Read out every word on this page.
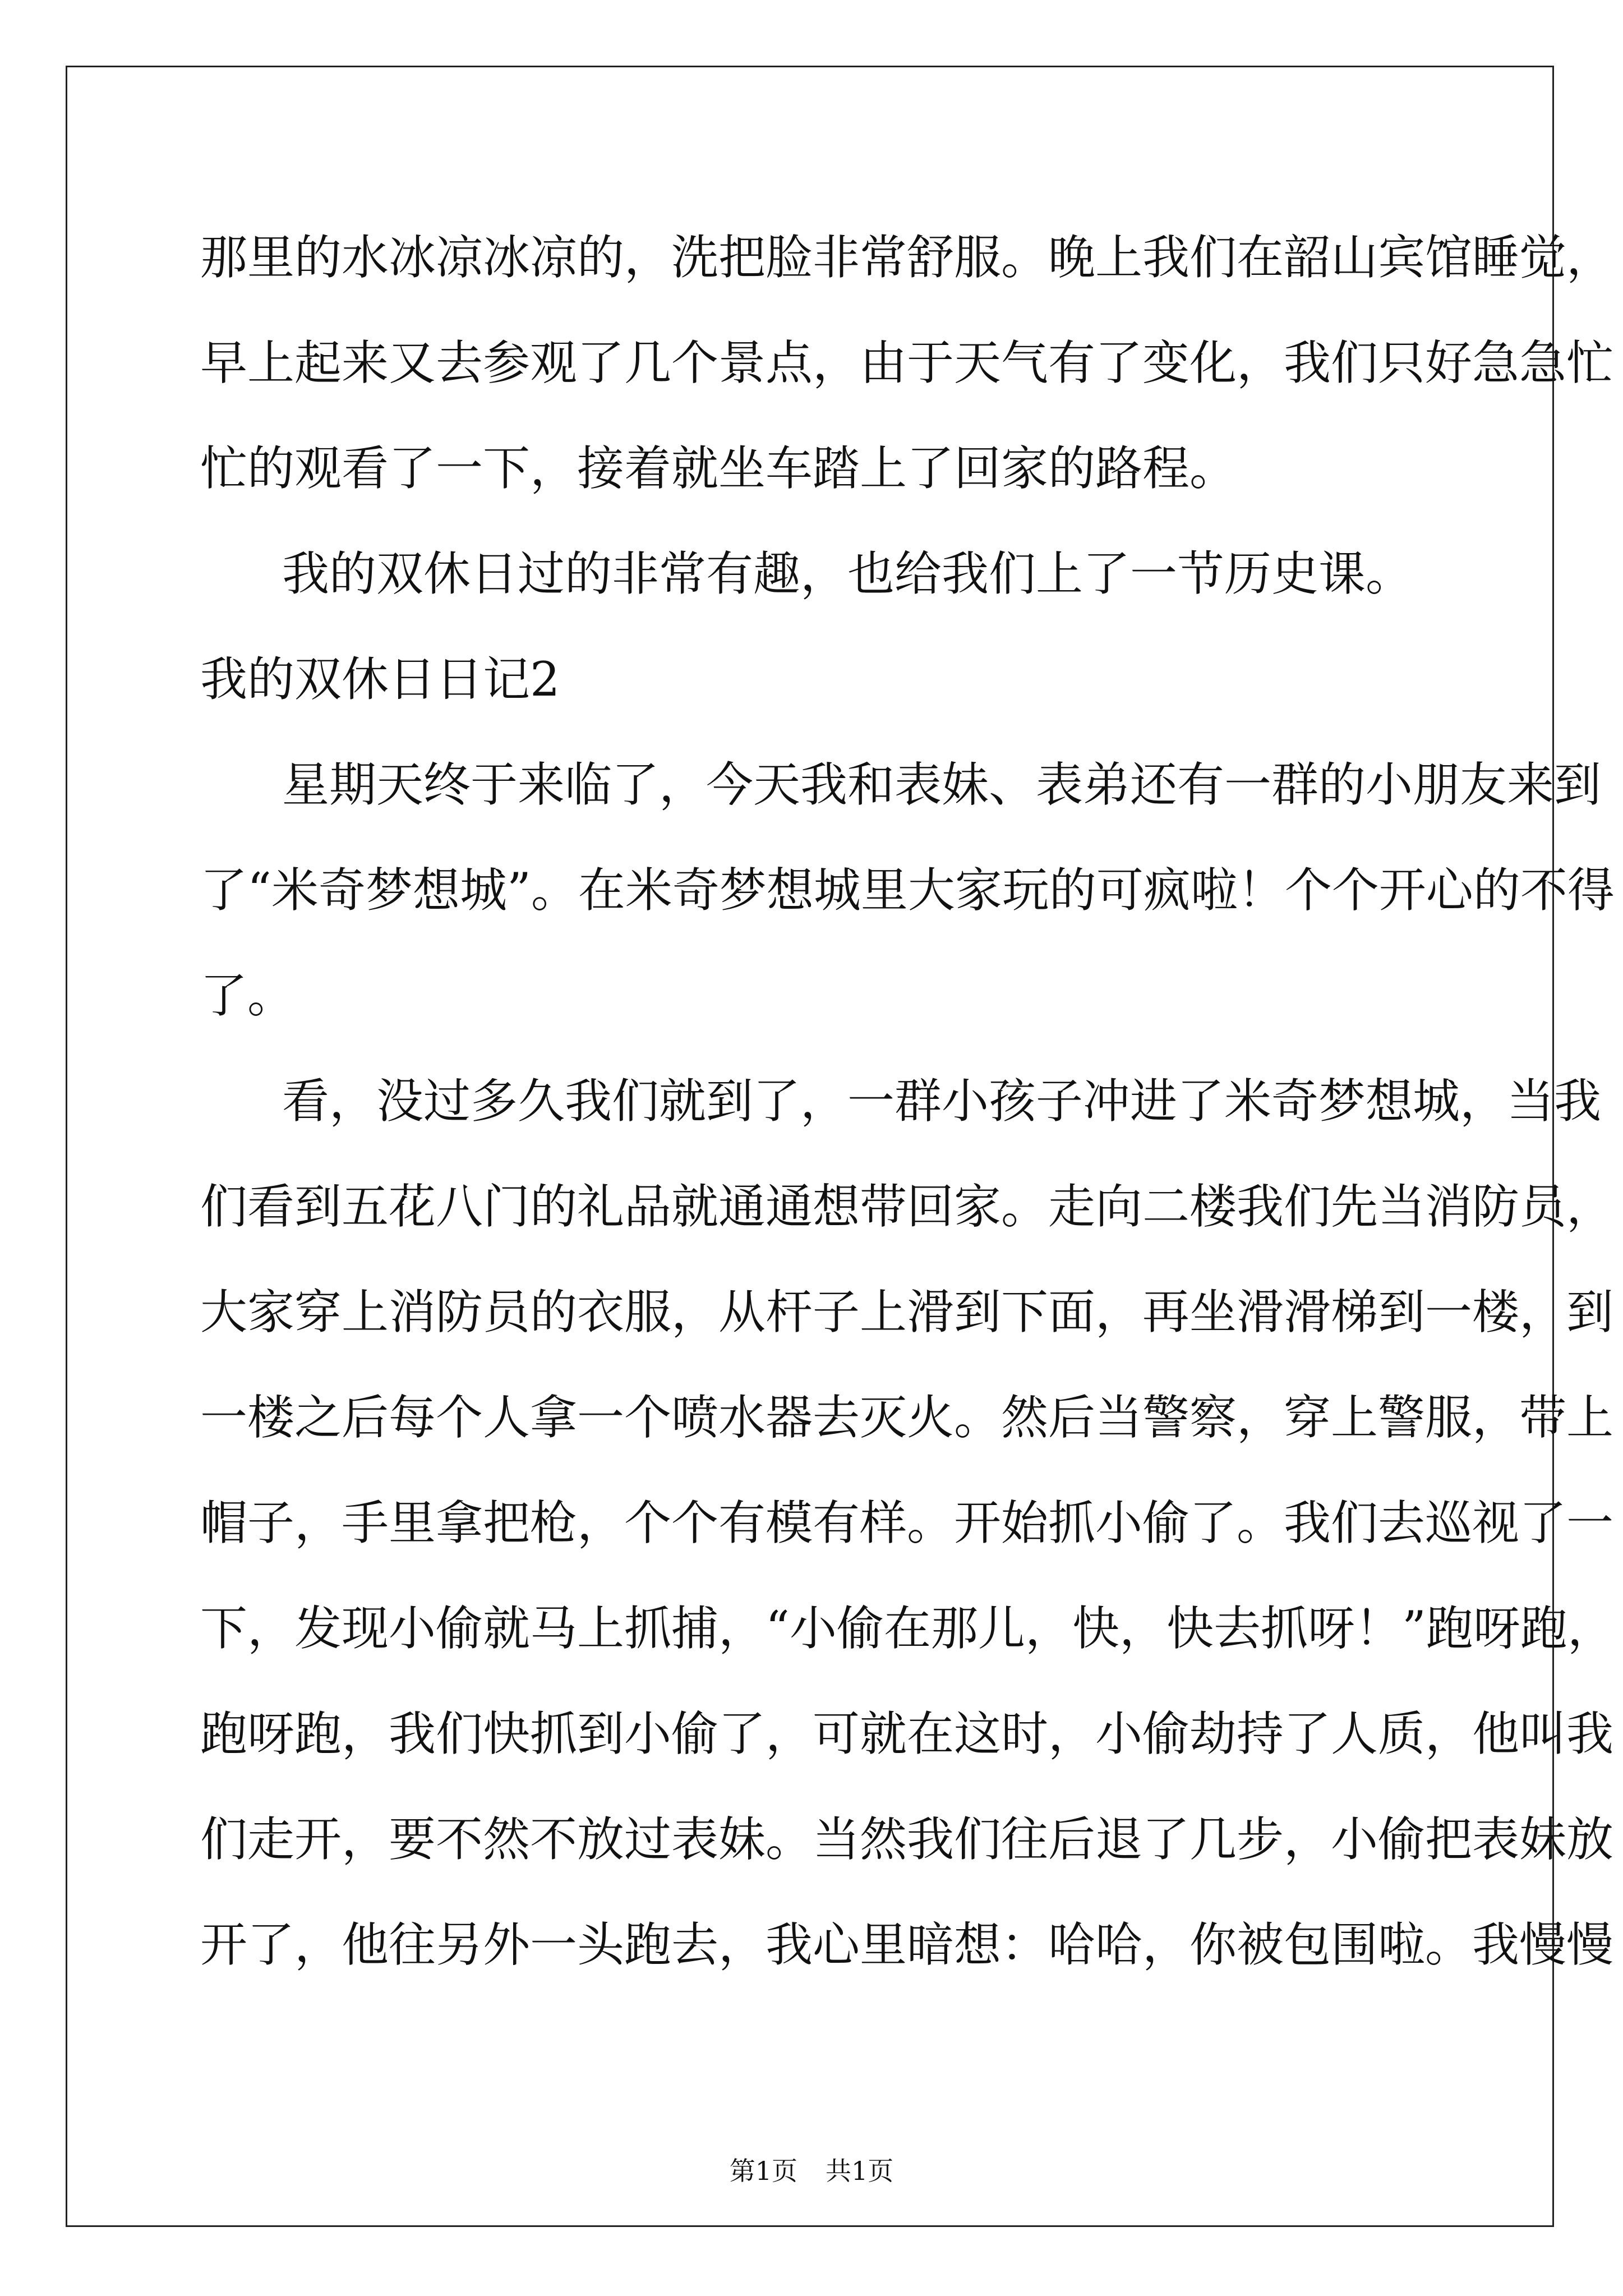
那里的水冰凉冰凉的，洗把脸非常舒服。晚上我们在韶山宾馆睡觉，
早上起来又去参观了几个景点，由于天气有了变化，我们只好急急忙
忙的观看了一下，接着就坐车踏上了回家的路程。
我的双休日过的非常有趣，也给我们上了一节历史课。
我的双休日日记2
星期天终于来临了，今天我和表妹、表弟还有一群的小朋友来到
了“米奇梦想城”。在米奇梦想城里大家玩的可疯啦！个个开心的不得
了。
看，没过多久我们就到了，一群小孩子冲进了米奇梦想城，当我
们看到五花八门的礼品就通通想带回家。走向二楼我们先当消防员，
大家穿上消防员的衣服，从杆子上滑到下面，再坐滑滑梯到一楼，到
一楼之后每个人拿一个喷水器去灭火。然后当警察，穿上警服，带上
帽子，手里拿把枪，个个有模有样。开始抓小偷了。我们去巡视了一
下，发现小偷就马上抓捕，“小偷在那儿，快，快去抓呀！”跑呀跑，
跑呀跑，我们快抓到小偷了，可就在这时，小偷劫持了人质，他叫我
们走开，要不然不放过表妹。当然我们往后退了几步，小偷把表妹放
开了，他往另外一头跑去，我心里暗想：哈哈，你被包围啦。我慢慢
第1页 共1页
